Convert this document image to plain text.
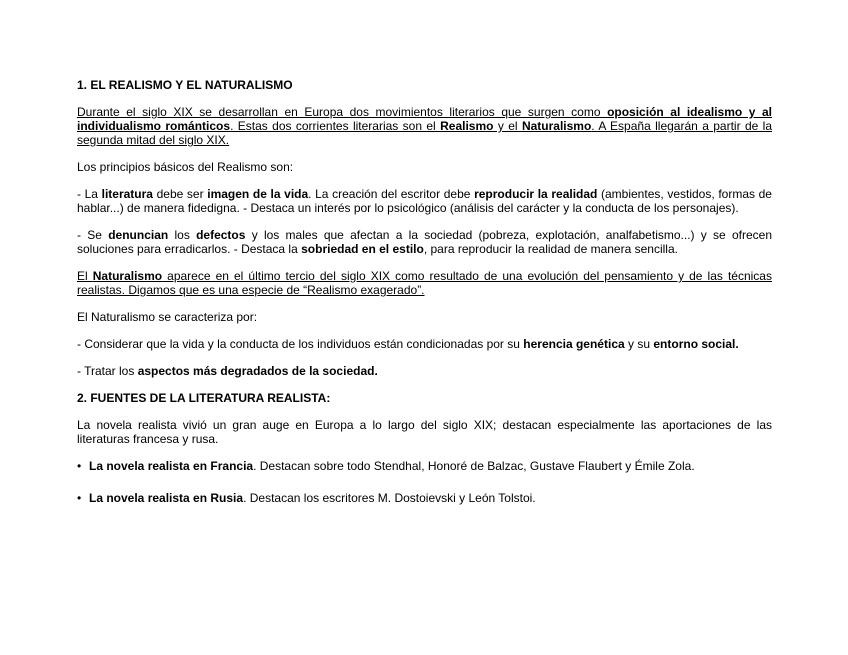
1. EL REALISMO Y EL NATURALISMO

Durante el siglo XIX se desarrollan en Europa dos movimientos literarios que surgen como oposición al idealismo y al individualismo románticos. Estas dos corrientes literarias son el Realismo y el Naturalismo. A España llegarán a partir de la segunda mitad del siglo XIX.

Los principios básicos del Realismo son:

- La literatura debe ser imagen de la vida. La creación del escritor debe reproducir la realidad (ambientes, vestidos, formas de hablar...) de manera fidedigna. - Destaca un interés por lo psicológico (análisis del carácter y la conducta de los personajes).

- Se denuncian los defectos y los males que afectan a la sociedad (pobreza, explotación, analfabetismo...) y se ofrecen soluciones para erradicarlos. - Destaca la sobriedad en el estilo, para reproducir la realidad de manera sencilla.

El Naturalismo aparece en el último tercio del siglo XIX como resultado de una evolución del pensamiento y de las técnicas realistas. Digamos que es una especie de “Realismo exagerado”.

El Naturalismo se caracteriza por:

- Considerar que la vida y la conducta de los individuos están condicionadas por su herencia genética y su entorno social.

- Tratar los aspectos más degradados de la sociedad.

2. FUENTES DE LA LITERATURA REALISTA:

La novela realista vivió un gran auge en Europa a lo largo del siglo XIX; destacan especialmente las aportaciones de las literaturas francesa y rusa.

• La novela realista en Francia. Destacan sobre todo Stendhal, Honoré de Balzac, Gustave Flaubert y Émile Zola.

• La novela realista en Rusia. Destacan los escritores M. Dostoievski y León Tolstoi.
